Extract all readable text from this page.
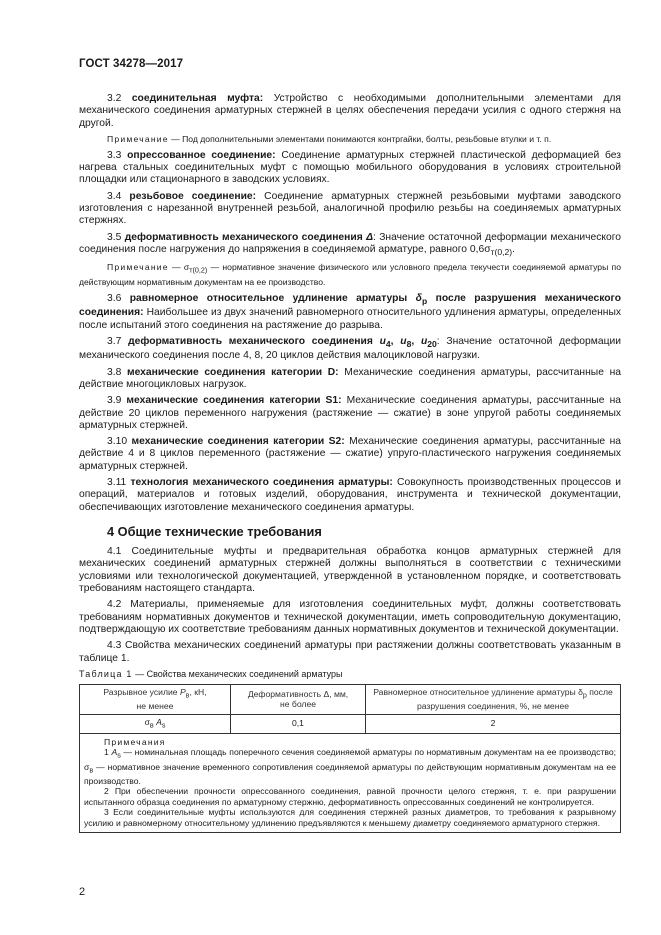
ГОСТ 34278—2017

3.2 соединительная муфта: Устройство с необходимыми дополнительными элементами для механического соединения арматурных стержней в целях обеспечения передачи усилия с одного стержня на другой.

Примечание — Под дополнительными элементами понимаются контргайки, болты, резьбовые втулки и т. п.

3.3 опрессованное соединение: Соединение арматурных стержней пластической деформацией без нагрева стальных соединительных муфт с помощью мобильного оборудования в условиях строительной площадки или стационарного в заводских условиях.

3.4 резьбовое соединение: Соединение арматурных стержней резьбовыми муфтами заводского изготовления с нарезанной внутренней резьбой, аналогичной профилю резьбы на соединяемых арматурных стержнях.

3.5 деформативность механического соединения Δ: Значение остаточной деформации механического соединения после нагружения до напряжения в соединяемой арматуре, равного $0,6\sigma_{т(0,2)}$.

Примечание — $\sigma_{т(0,2)}$ — нормативное значение физического или условного предела текучести соединяемой арматуры по действующим нормативным документам на ее производство.

3.6 равномерное относительное удлинение арматуры $\delta_р$ после разрушения механического соединения: Наибольшее из двух значений равномерного относительного удлинения арматуры, определенных после испытаний этого соединения на растяжение до разрыва.

3.7 деформативность механического соединения $u_4$, $u_8$, $u_{20}$: Значение остаточной деформации механического соединения после 4, 8, 20 циклов действия малоцикловой нагрузки.

3.8 механические соединения категории D: Механические соединения арматуры, рассчитанные на действие многоцикловых нагрузок.

3.9 механические соединения категории S1: Механические соединения арматуры, рассчитанные на действие 20 циклов переменного нагружения (растяжение — сжатие) в зоне упругой работы соединяемых арматурных стержней.

3.10 механические соединения категории S2: Механические соединения арматуры, рассчитанные на действие 4 и 8 циклов переменного (растяжение — сжатие) упруго-пластического нагружения соединяемых арматурных стержней.

3.11 технология механического соединения арматуры: Совокупность производственных процессов и операций, материалов и готовых изделий, оборудования, инструмента и технической документации, обеспечивающих изготовление механического соединения арматуры.

4 Общие технические требования

4.1 Соединительные муфты и предварительная обработка концов арматурных стержней для механических соединений арматурных стержней должны выполняться в соответствии с техническими условиями или технологической документацией, утвержденной в установленном порядке, и соответствовать требованиям настоящего стандарта.

4.2 Материалы, применяемые для изготовления соединительных муфт, должны соответствовать требованиям нормативных документов и технической документации, иметь сопроводительную документацию, подтверждающую их соответствие требованиям данных нормативных документов и технической документации.

4.3 Свойства механических соединений арматуры при растяжении должны соответствовать указанным в таблице 1.

Таблица 1 — Свойства механических соединений арматуры

Разрывное усилие $P_в$, кН,
не менее	Деформативность Δ, мм,
не более	Равномерное относительное удлинение арматуры $\delta_р$ после разрушения соединения, %, не менее
$\sigma_в$ $A_s$	0,1	2

Примечания

1 $A_s$ — номинальная площадь поперечного сечения соединяемой арматуры по нормативным документам на ее производство; $\sigma_в$ — нормативное значение временного сопротивления соединяемой арматуры по действующим нормативным документам на ее производство.

2 При обеспечении прочности опрессованного соединения, равной прочности целого стержня, т. е. при разрушении испытанного образца соединения по арматурному стержню, деформативность опрессованных соединений не контролируется.

3 Если соединительные муфты используются для соединения стержней разных диаметров, то требования к разрывному усилию и равномерному относительному удлинению предъявляются к меньшему диаметру соединяемого арматурного стержня.		

2
